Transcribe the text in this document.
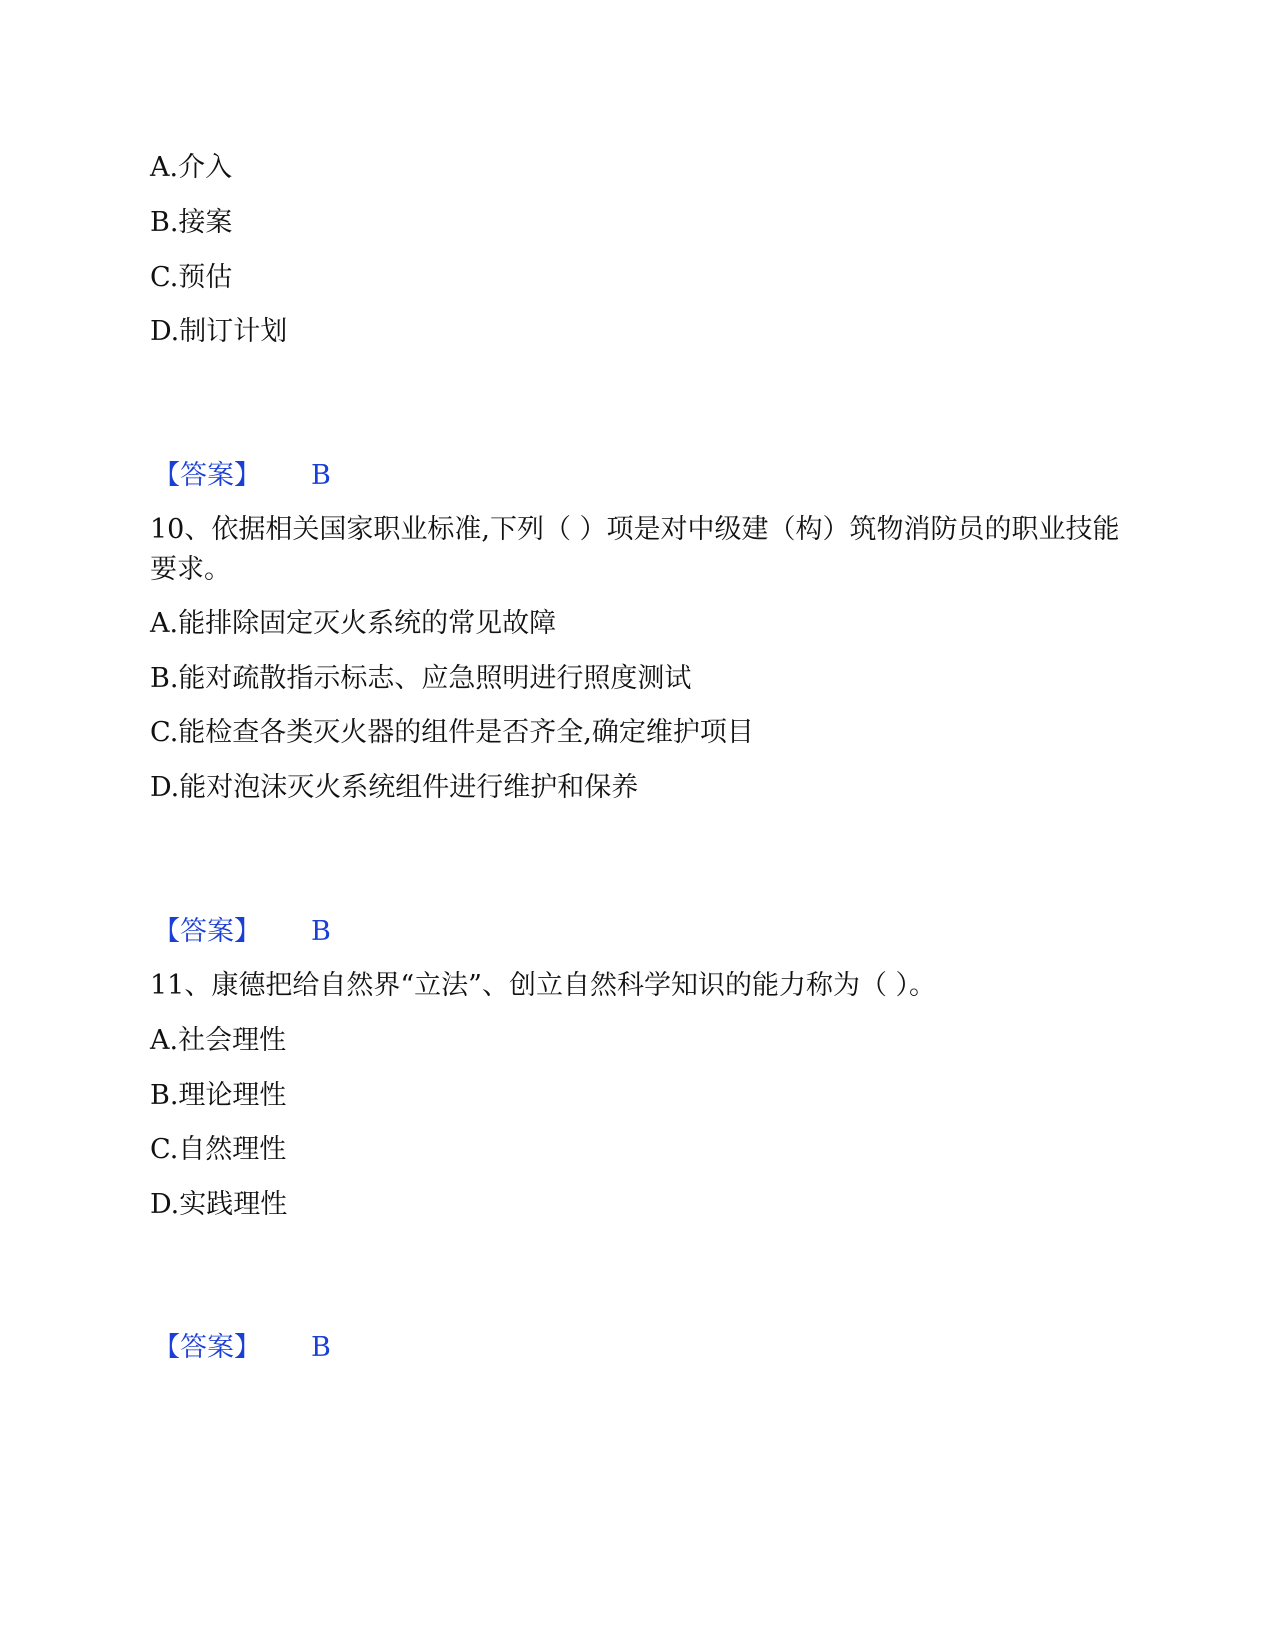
A.介入

B.接案

C.预估

D.制订计划

【答案】 B

10、依据相关国家职业标准,下列（ ）项是对中级建（构）筑物消防员的职业技能要求。

A.能排除固定灭火系统的常见故障

B.能对疏散指示标志、应急照明进行照度测试

C.能检查各类灭火器的组件是否齐全,确定维护项目

D.能对泡沫灭火系统组件进行维护和保养

【答案】 B

11、康德把给自然界“立法”、创立自然科学知识的能力称为（ ）。

A.社会理性

B.理论理性

C.自然理性

D.实践理性

【答案】 B
